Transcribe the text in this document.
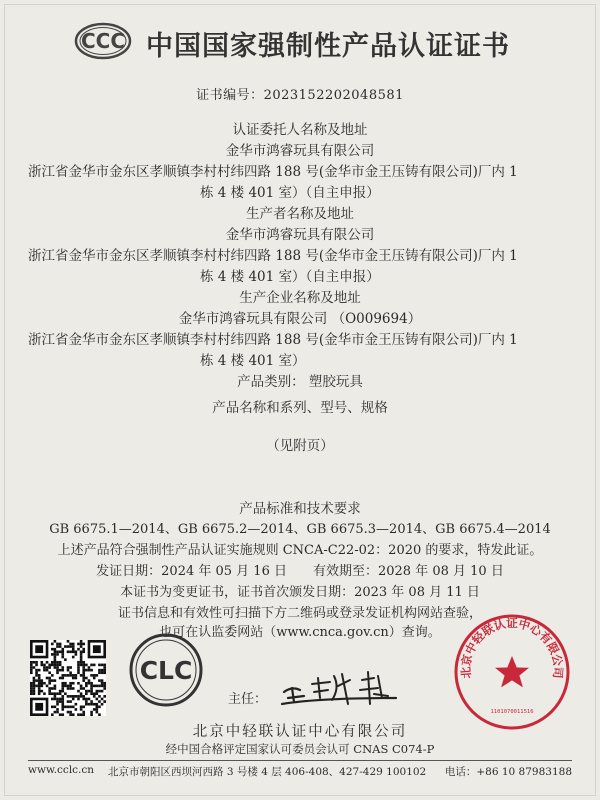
CCC 中国国家强制性产品认证证书
证书编号：2023152202048581
认证委托人名称及地址
金华市鸿睿玩具有限公司
浙江省金华市金东区孝顺镇李村村纬四路 188 号(金华市金王压铸有限公司)厂内 1
栋 4 楼 401 室）（自主申报）
生产者名称及地址
金华市鸿睿玩具有限公司
浙江省金华市金东区孝顺镇李村村纬四路 188 号(金华市金王压铸有限公司)厂内 1
栋 4 楼 401 室）（自主申报）
生产企业名称及地址
金华市鸿睿玩具有限公司 （O009694）
浙江省金华市金东区孝顺镇李村村纬四路 188 号(金华市金王压铸有限公司)厂内 1
栋 4 楼 401 室）
产品类别： 塑胶玩具
产品名称和系列、型号、规格
（见附页）
产品标准和技术要求
GB 6675.1—2014、GB 6675.2—2014、GB 6675.3—2014、GB 6675.4—2014
上述产品符合强制性产品认证实施规则 CNCA-C22-02：2020 的要求，特发此证。
发证日期：2024 年 05 月 16 日　　有效期至：2028 年 08 月 10 日
本证书为变更证书，证书首次颁发日期：2023 年 08 月 11 日
证书信息和有效性可扫描下方二维码或登录发证机构网站查验，
也可在认监委网站（www.cnca.gov.cn）查询。
CLC
主任：
北京中轻联认证中心有限公司
1101070011516
北京中轻联认证中心有限公司
经中国合格评定国家认可委员会认可 CNAS C074-P
www.cclc.cn 北京市朝阳区西坝河西路 3 号楼 4 层 406-408、427-429 100102 电话：+86 10 87983188
